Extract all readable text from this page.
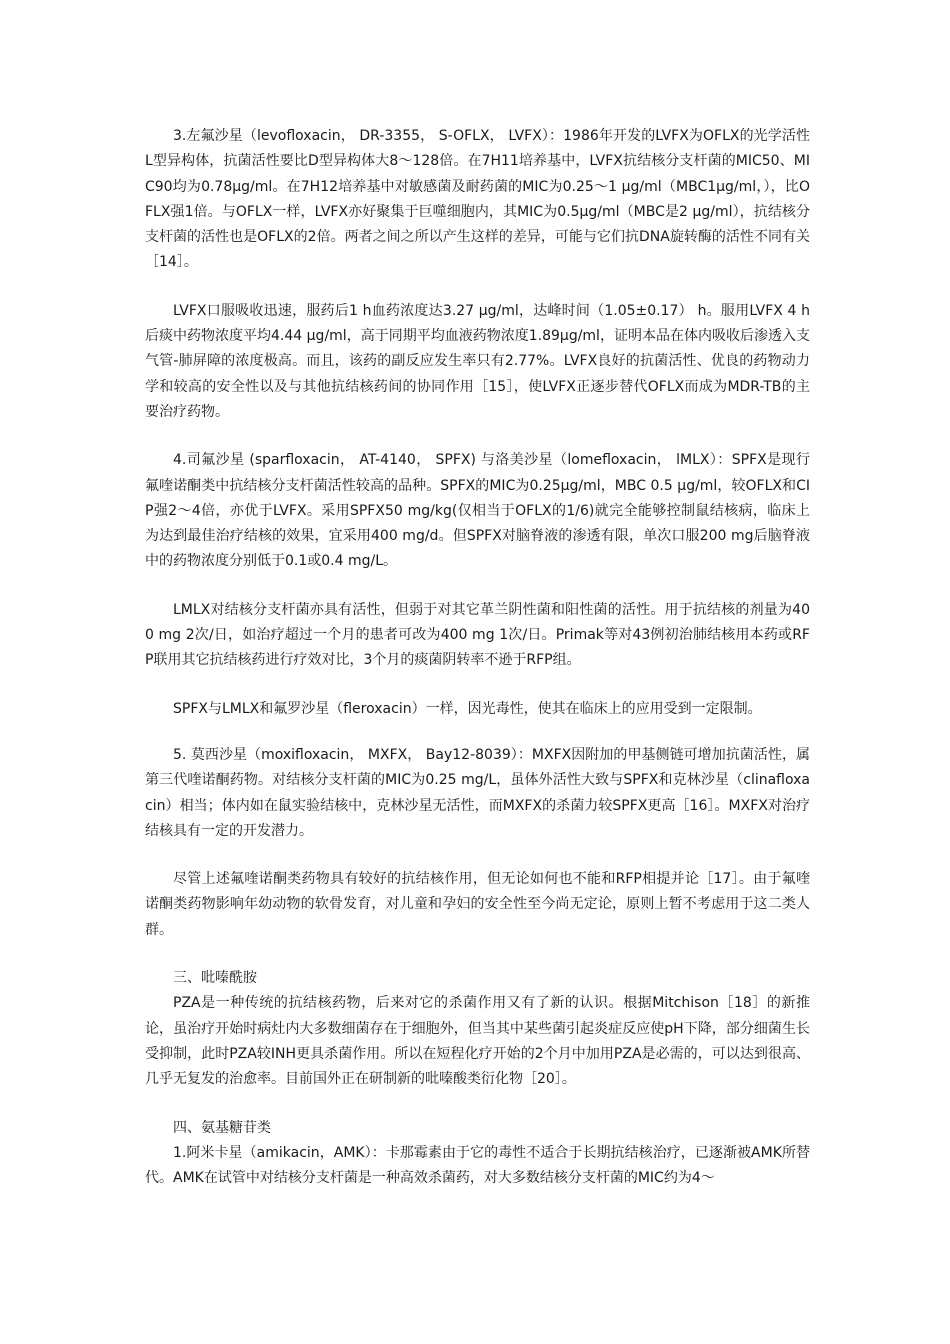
3.左氟沙星（levofloxacin， DR-3355， S-OFLX， LVFX）：1986年开发的LVFX为OFLX的光学活性L型异构体，抗菌活性要比D型异构体大8～128倍。在7H11培养基中，LVFX抗结核分支杆菌的MIC50、MIC90均为0.78μg/ml。在7H12培养基中对敏感菌及耐药菌的MIC为0.25～1 μg/ml（MBC1μg/ml，），比OFLX强1倍。与OFLX一样，LVFX亦好聚集于巨噬细胞内，其MIC为0.5μg/ml（MBC是2 μg/ml），抗结核分支杆菌的活性也是OFLX的2倍。两者之间之所以产生这样的差异，可能与它们抗DNA旋转酶的活性不同有关［14］。

LVFX口服吸收迅速，服药后1 h血药浓度达3.27 μg/ml，达峰时间（1.05±0.17） h。服用LVFX 4 h后痰中药物浓度平均4.44 μg/ml，高于同期平均血液药物浓度1.89μg/ml，证明本品在体内吸收后渗透入支气管-肺屏障的浓度极高。而且，该药的副反应发生率只有2.77%。LVFX良好的抗菌活性、优良的药物动力学和较高的安全性以及与其他抗结核药间的协同作用［15］，使LVFX正逐步替代OFLX而成为MDR-TB的主要治疗药物。

4.司氟沙星 (sparfloxacin， AT-4140， SPFX) 与洛美沙星（lomefloxacin， lMLX）：SPFX是现行氟喹诺酮类中抗结核分支杆菌活性较高的品种。SPFX的MIC为0.25μg/ml，MBC 0.5 μg/ml，较OFLX和CIP强2～4倍，亦优于LVFX。采用SPFX50 mg/kg(仅相当于OFLX的1/6)就完全能够控制鼠结核病，临床上为达到最佳治疗结核的效果，宜采用400 mg/d。但SPFX对脑脊液的渗透有限，单次口服200 mg后脑脊液中的药物浓度分别低于0.1或0.4 mg/L。

LMLX对结核分支杆菌亦具有活性，但弱于对其它革兰阴性菌和阳性菌的活性。用于抗结核的剂量为400 mg 2次/日，如治疗超过一个月的患者可改为400 mg 1次/日。Primak等对43例初治肺结核用本药或RFP联用其它抗结核药进行疗效对比，3个月的痰菌阴转率不逊于RFP组。

SPFX与LMLX和氟罗沙星（fleroxacin）一样，因光毒性，使其在临床上的应用受到一定限制。

5. 莫西沙星（moxifloxacin， MXFX， Bay12-8039）：MXFX因附加的甲基侧链可增加抗菌活性，属第三代喹诺酮药物。对结核分支杆菌的MIC为0.25 mg/L，虽体外活性大致与SPFX和克林沙星（clinafloxacin）相当；体内如在鼠实验结核中，克林沙星无活性，而MXFX的杀菌力较SPFX更高［16］。MXFX对治疗结核具有一定的开发潜力。

尽管上述氟喹诺酮类药物具有较好的抗结核作用，但无论如何也不能和RFP相提并论［17］。由于氟喹诺酮类药物影响年幼动物的软骨发育，对儿童和孕妇的安全性至今尚无定论，原则上暂不考虑用于这二类人群。

三、吡嗪酰胺

PZA是一种传统的抗结核药物，后来对它的杀菌作用又有了新的认识。根据Mitchison［18］的新推论，虽治疗开始时病灶内大多数细菌存在于细胞外，但当其中某些菌引起炎症反应使pH下降，部分细菌生长受抑制，此时PZA较INH更具杀菌作用。所以在短程化疗开始的2个月中加用PZA是必需的，可以达到很高、几乎无复发的治愈率。目前国外正在研制新的吡嗪酸类衍化物［20］。

四、氨基糖苷类

1.阿米卡星（amikacin，AMK）：卡那霉素由于它的毒性不适合于长期抗结核治疗，已逐渐被AMK所替代。AMK在试管中对结核分支杆菌是一种高效杀菌药，对大多数结核分支杆菌的MIC约为4～
